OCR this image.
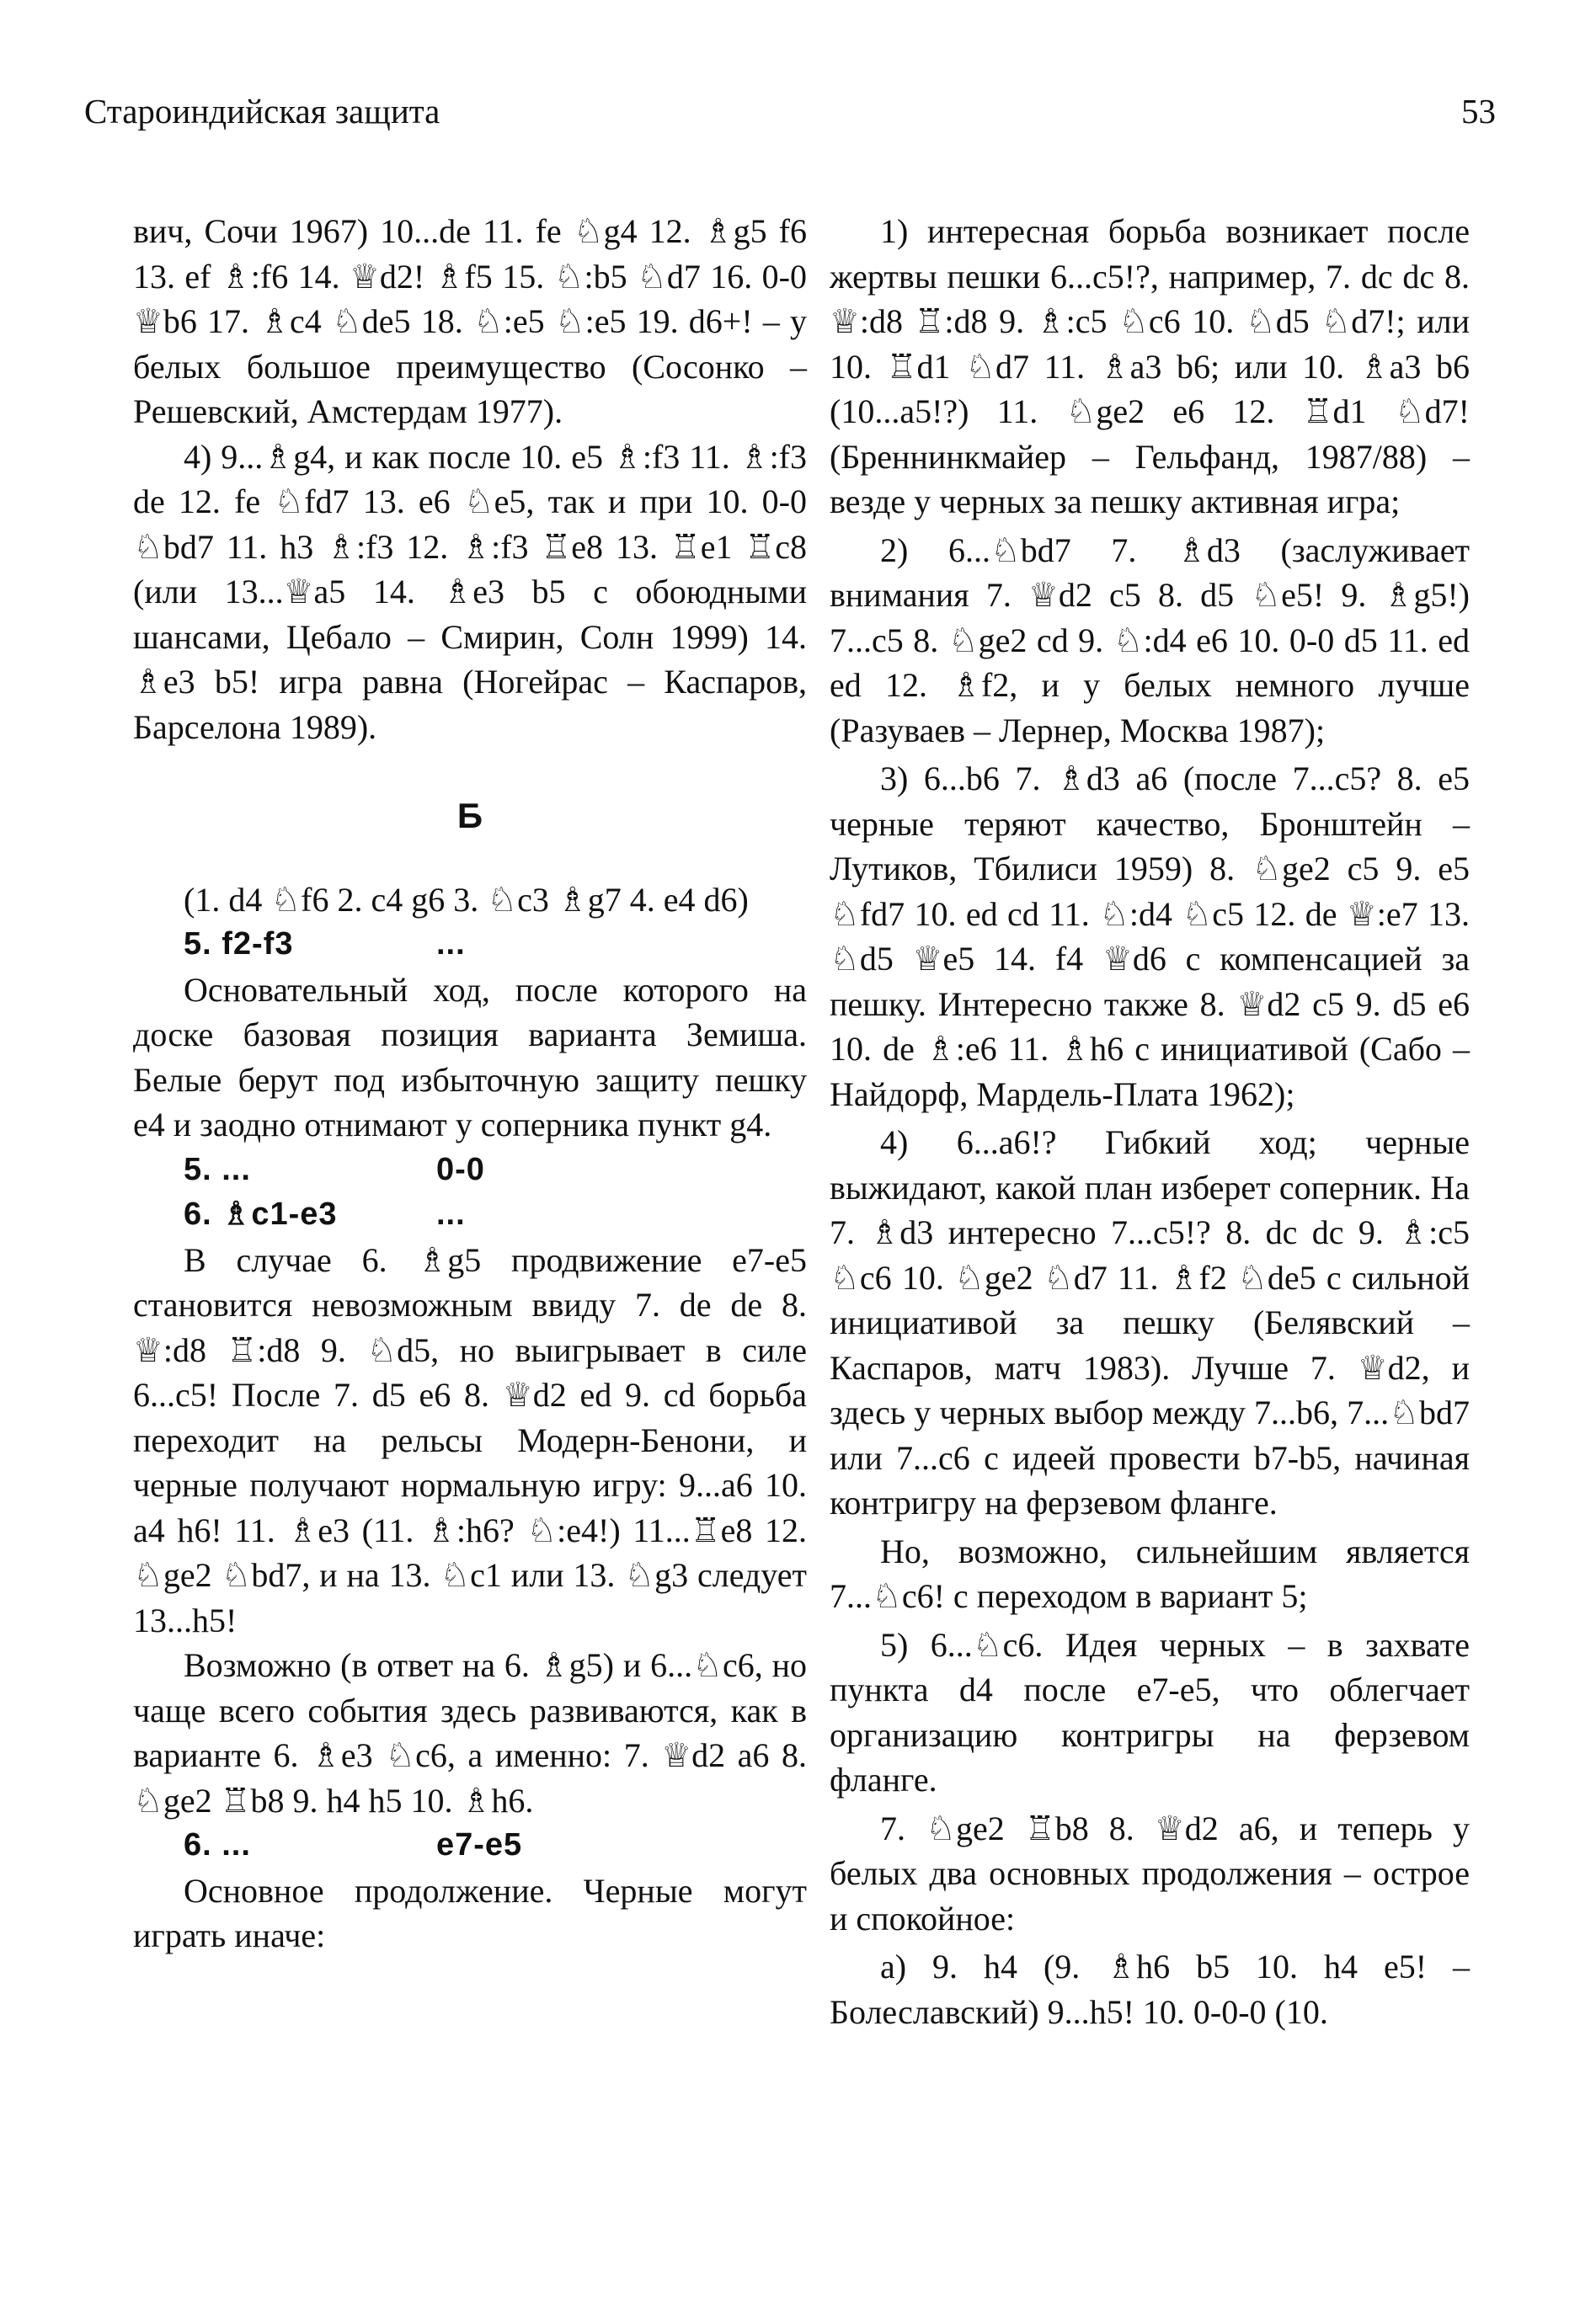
Староиндийская защита	53

вич, Сочи 1967) 10...de 11. fe ♘g4 12. ♗g5 f6 13. ef ♗:f6 14. ♕d2! ♗f5 15. ♘:b5 ♘d7 16. 0-0 ♕b6 17. ♗c4 ♘de5 18. ♘:e5 ♘:e5 19. d6+! – у белых большое преимущество (Сосонко – Решевский, Амстердам 1977).

4) 9...♗g4, и как после 10. e5 ♗:f3 11. ♗:f3 de 12. fe ♘fd7 13. e6 ♘e5, так и при 10. 0-0 ♘bd7 11. h3 ♗:f3 12. ♗:f3 ♖e8 13. ♖e1 ♖c8 (или 13...♕a5 14. ♗e3 b5 с обоюдными шансами, Цебало – Смирин, Солн 1999) 14. ♗e3 b5! игра равна (Ногейрас – Каспаров, Барселона 1989).

Б

(1. d4 ♘f6 2. c4 g6 3. ♘c3 ♗g7 4. e4 d6)

5. f2-f3	...

Основательный ход, после которого на доске базовая позиция варианта Земиша. Белые берут под избыточную защиту пешку е4 и заодно отнимают у соперника пункт g4.

5. ...	0-0
6. ♗c1-e3	...

В случае 6. ♗g5 продвижение e7-e5 становится невозможным ввиду 7. de de 8. ♕:d8 ♖:d8 9. ♘d5, но выигрывает в силе 6...c5! После 7. d5 e6 8. ♕d2 ed 9. cd борьба переходит на рельсы Модерн-Бенони, и черные получают нормальную игру: 9...a6 10. a4 h6! 11. ♗e3 (11. ♗:h6? ♘:e4!) 11...♖e8 12. ♘ge2 ♘bd7, и на 13. ♘c1 или 13. ♘g3 следует 13...h5!

Возможно (в ответ на 6. ♗g5) и 6...♘c6, но чаще всего события здесь развиваются, как в варианте 6. ♗e3 ♘c6, а именно: 7. ♕d2 a6 8. ♘ge2 ♖b8 9. h4 h5 10. ♗h6.

6. ...	e7-e5

Основное продолжение. Черные могут играть иначе:

1) интересная борьба возникает после жертвы пешки 6...c5!?, например, 7. dc dc 8. ♕:d8 ♖:d8 9. ♗:c5 ♘c6 10. ♘d5 ♘d7!; или 10. ♖d1 ♘d7 11. ♗a3 b6; или 10. ♗a3 b6 (10...a5!?) 11. ♘ge2 e6 12. ♖d1 ♘d7! (Бреннинкмайер – Гельфанд, 1987/88) – везде у черных за пешку активная игра;

2) 6...♘bd7 7. ♗d3 (заслуживает внимания 7. ♕d2 c5 8. d5 ♘e5! 9. ♗g5!) 7...c5 8. ♘ge2 cd 9. ♘:d4 e6 10. 0-0 d5 11. ed ed 12. ♗f2, и у белых немного лучше (Разуваев – Лернер, Москва 1987);

3) 6...b6 7. ♗d3 a6 (после 7...c5? 8. e5 черные теряют качество, Бронштейн – Лутиков, Тбилиси 1959) 8. ♘ge2 c5 9. e5 ♘fd7 10. ed cd 11. ♘:d4 ♘c5 12. de ♕:e7 13. ♘d5 ♕e5 14. f4 ♕d6 с компенсацией за пешку. Интересно также 8. ♕d2 c5 9. d5 e6 10. de ♗:e6 11. ♗h6 с инициативой (Сабо – Найдорф, Мардель-Плата 1962);

4) 6...a6!? Гибкий ход; черные выжидают, какой план изберет соперник. На 7. ♗d3 интересно 7...c5!? 8. dc dc 9. ♗:c5 ♘c6 10. ♘ge2 ♘d7 11. ♗f2 ♘de5 с сильной инициативой за пешку (Белявский – Каспаров, матч 1983). Лучше 7. ♕d2, и здесь у черных выбор между 7...b6, 7...♘bd7 или 7...c6 с идеей провести b7-b5, начиная контригру на ферзевом фланге.

Но, возможно, сильнейшим является 7...♘c6! с переходом в вариант 5;

5) 6...♘c6. Идея черных – в захвате пункта d4 после e7-e5, что облегчает организацию контригры на ферзевом фланге.

7. ♘ge2 ♖b8 8. ♕d2 a6, и теперь у белых два основных продолжения – острое и спокойное:

а) 9. h4 (9. ♗h6 b5 10. h4 e5! – Болеславский) 9...h5! 10. 0-0-0 (10.
